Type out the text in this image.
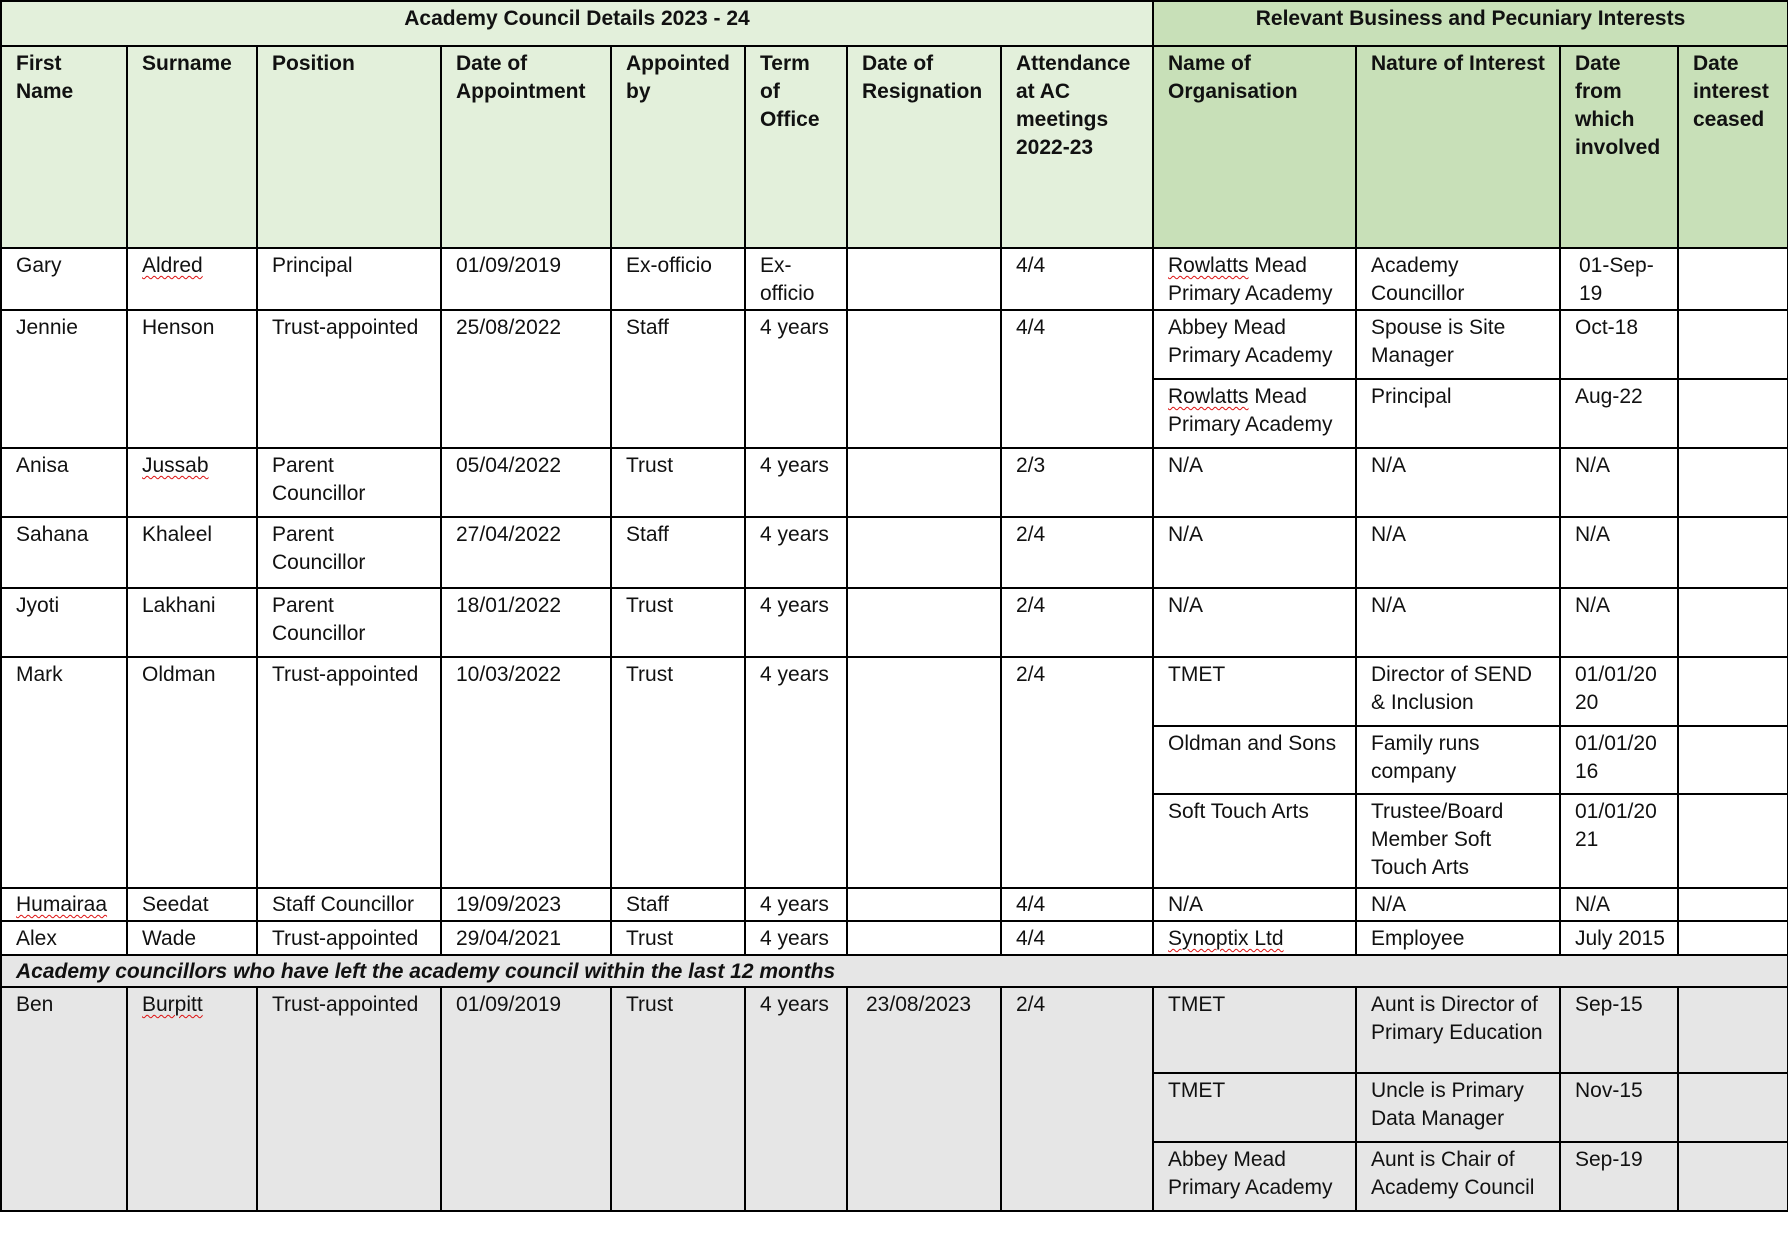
Academy Council Details 2023 - 24								Relevant Business and Pecuniary Interests			
First Name	Surname	Position	Date of Appointment	Appointed by	Term of Office	Date of Resignation	Attendance at AC meetings 2022-23	Name of Organisation	Nature of Interest	Date from which involved	Date interest ceased
Gary	Aldred	Principal	01/09/2019	Ex-officio	Ex-officio		4/4	Rowlatts Mead Primary Academy	Academy Councillor	01-Sep-19	
Jennie	Henson	Trust-appointed	25/08/2022	Staff	4 years		4/4	Abbey Mead Primary Academy	Spouse is Site Manager	Oct-18	
								Rowlatts Mead Primary Academy	Principal	Aug-22	
Anisa	Jussab	Parent Councillor	05/04/2022	Trust	4 years		2/3	N/A	N/A	N/A	
Sahana	Khaleel	Parent Councillor	27/04/2022	Staff	4 years		2/4	N/A	N/A	N/A	
Jyoti	Lakhani	Parent Councillor	18/01/2022	Trust	4 years		2/4	N/A	N/A	N/A	
Mark	Oldman	Trust-appointed	10/03/2022	Trust	4 years		2/4	TMET	Director of SEND & Inclusion	01/01/2020	
								Oldman and Sons	Family runs company	01/01/2016	
								Soft Touch Arts	Trustee/Board Member Soft Touch Arts	01/01/2021	
Humairaa	Seedat	Staff Councillor	19/09/2023	Staff	4 years		4/4	N/A	N/A	N/A	
Alex	Wade	Trust-appointed	29/04/2021	Trust	4 years		4/4	Synoptix Ltd	Employee	July 2015	
Academy councillors who have left the academy council within the last 12 months											
Ben	Burpitt	Trust-appointed	01/09/2019	Trust	4 years	23/08/2023	2/4	TMET	Aunt is Director of Primary Education	Sep-15	
								TMET	Uncle is Primary Data Manager	Nov-15	
								Abbey Mead Primary Academy	Aunt is Chair of Academy Council	Sep-19	
